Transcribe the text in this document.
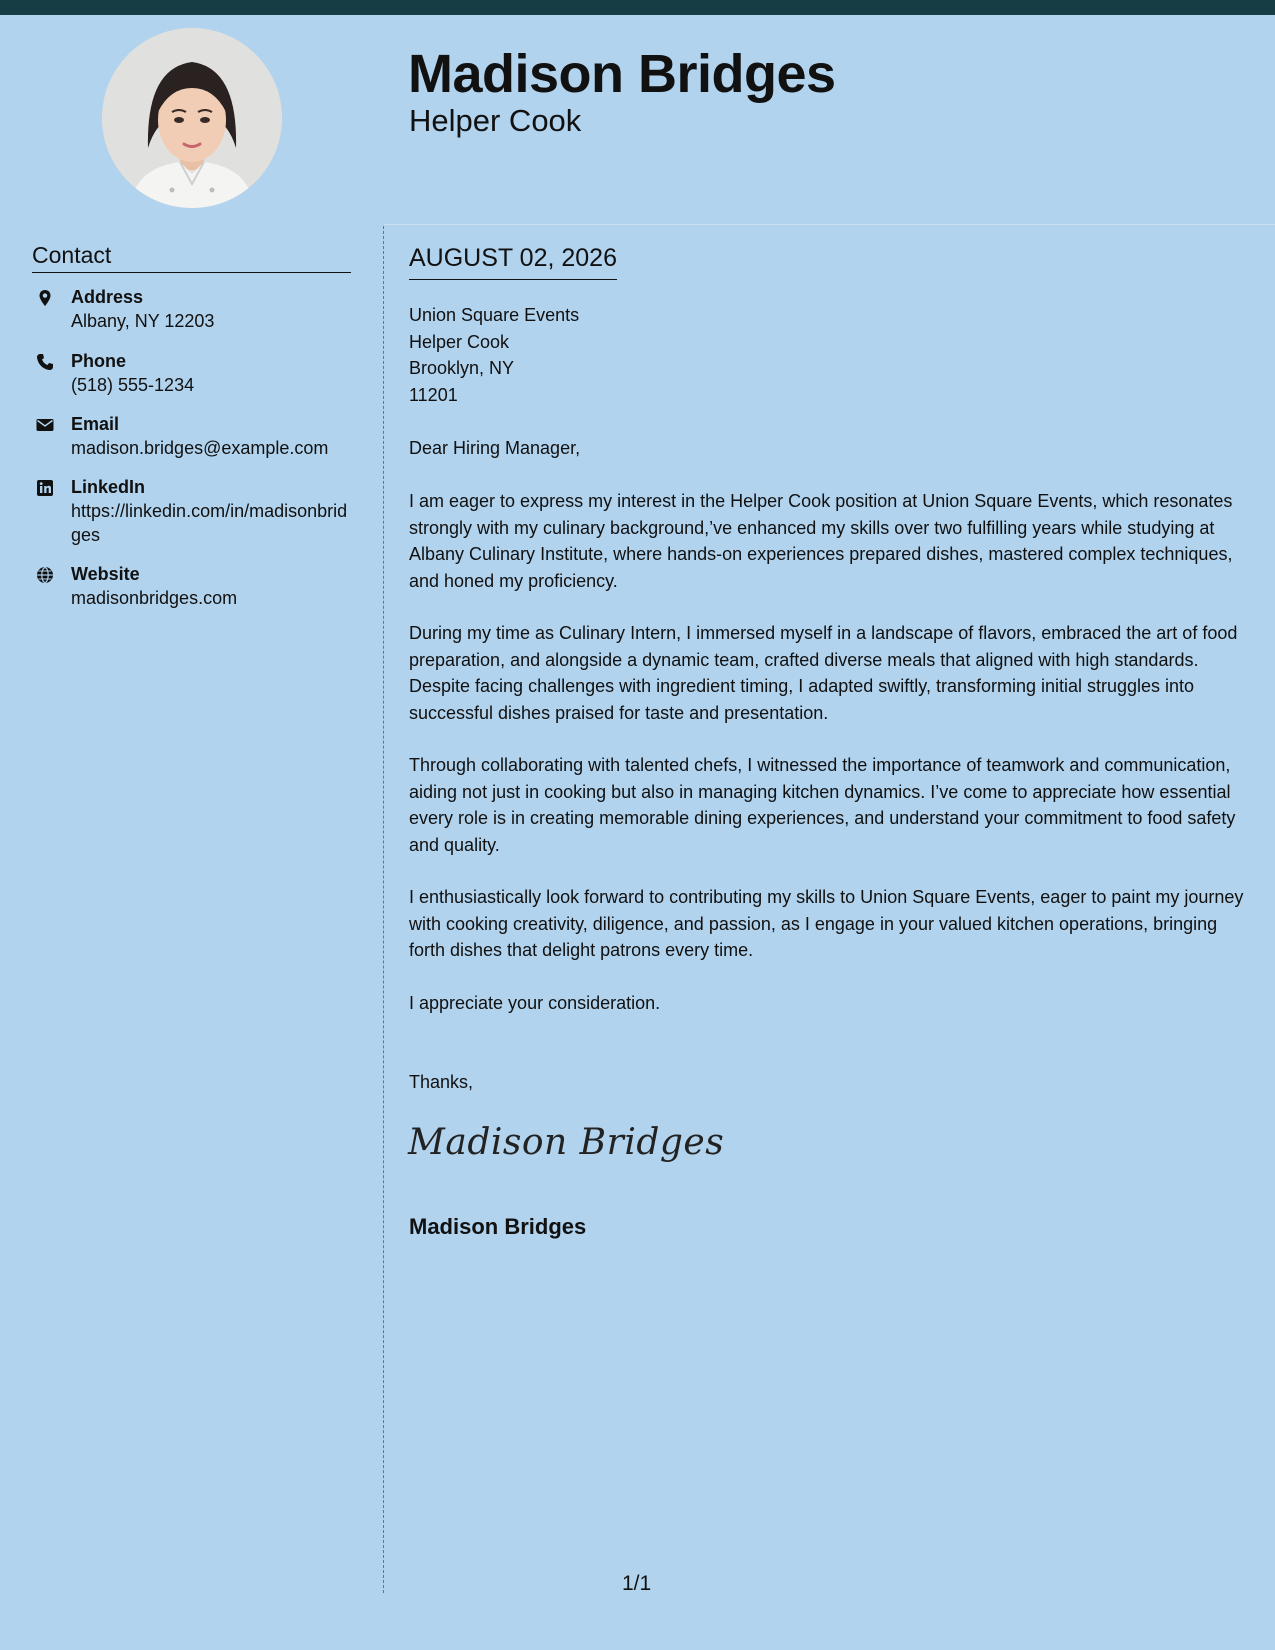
Madison Bridges
Helper Cook
Contact
Address
Albany, NY 12203
Phone
(518) 555-1234
Email
madison.bridges@example.com
LinkedIn
https://linkedin.com/in/madisonbridges
Website
madisonbridges.com
AUGUST 02, 2026
Union Square Events
Helper Cook
Brooklyn, NY
11201
Dear Hiring Manager,
I am eager to express my interest in the Helper Cook position at Union Square Events, which resonates strongly with my culinary background,’ve enhanced my skills over two fulfilling years while studying at Albany Culinary Institute, where hands-on experiences prepared dishes, mastered complex techniques, and honed my proficiency.
During my time as Culinary Intern, I immersed myself in a landscape of flavors, embraced the art of food preparation, and alongside a dynamic team, crafted diverse meals that aligned with high standards. Despite facing challenges with ingredient timing, I adapted swiftly, transforming initial struggles into successful dishes praised for taste and presentation.
Through collaborating with talented chefs, I witnessed the importance of teamwork and communication, aiding not just in cooking but also in managing kitchen dynamics. I’ve come to appreciate how essential every role is in creating memorable dining experiences, and understand your commitment to food safety and quality.
I enthusiastically look forward to contributing my skills to Union Square Events, eager to paint my journey with cooking creativity, diligence, and passion, as I engage in your valued kitchen operations, bringing forth dishes that delight patrons every time.
I appreciate your consideration.
Thanks,
Madison Bridges
Madison Bridges
1/1
